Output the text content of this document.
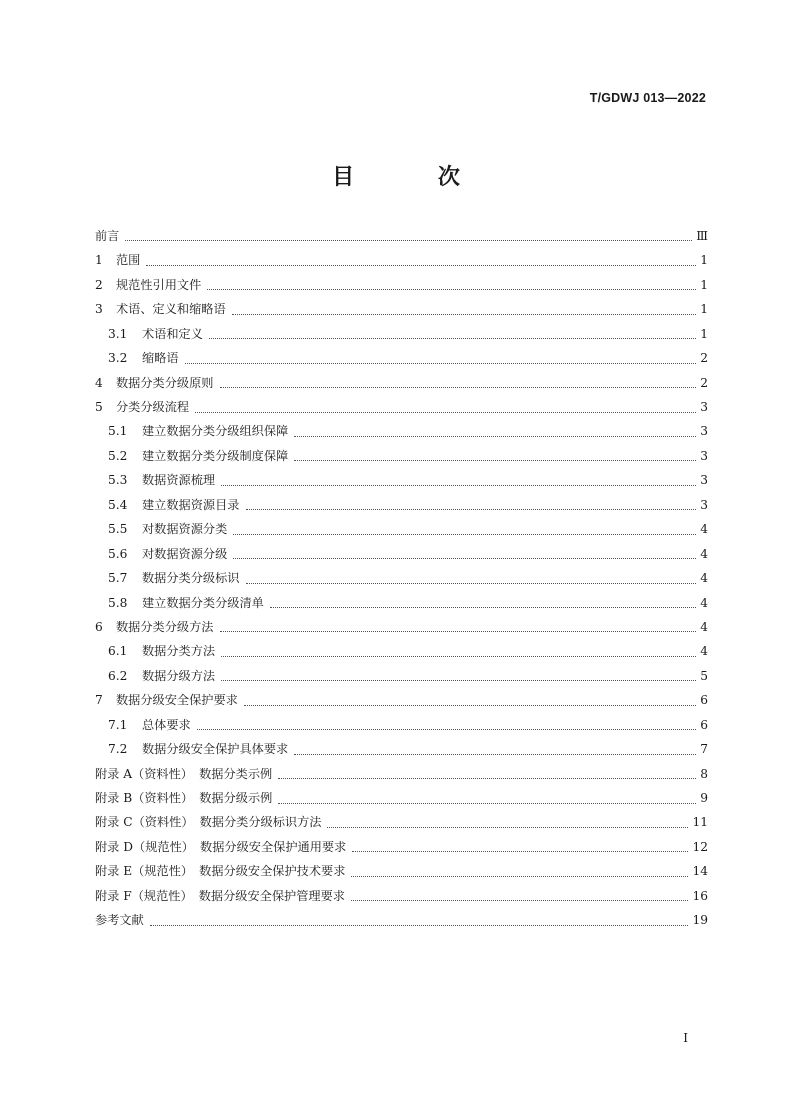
T/GDWJ 013—2022
目 次
前言	Ⅲ
1	范围	1
2	规范性引用文件	1
3	术语、定义和缩略语	1
3.1	术语和定义	1
3.2	缩略语	2
4	数据分类分级原则	2
5	分类分级流程	3
5.1	建立数据分类分级组织保障	3
5.2	建立数据分类分级制度保障	3
5.3	数据资源梳理	3
5.4	建立数据资源目录	3
5.5	对数据资源分类	4
5.6	对数据资源分级	4
5.7	数据分类分级标识	4
5.8	建立数据分类分级清单	4
6	数据分类分级方法	4
6.1	数据分类方法	4
6.2	数据分级方法	5
7	数据分级安全保护要求	6
7.1	总体要求	6
7.2	数据分级安全保护具体要求	7
附录 A（资料性）　数据分类示例	8
附录 B（资料性）　数据分级示例	9
附录 C（资料性）　数据分类分级标识方法	11
附录 D（规范性）　数据分级安全保护通用要求	12
附录 E（规范性）　数据分级安全保护技术要求	14
附录 F（规范性）　数据分级安全保护管理要求	16
参考文献	19
I
